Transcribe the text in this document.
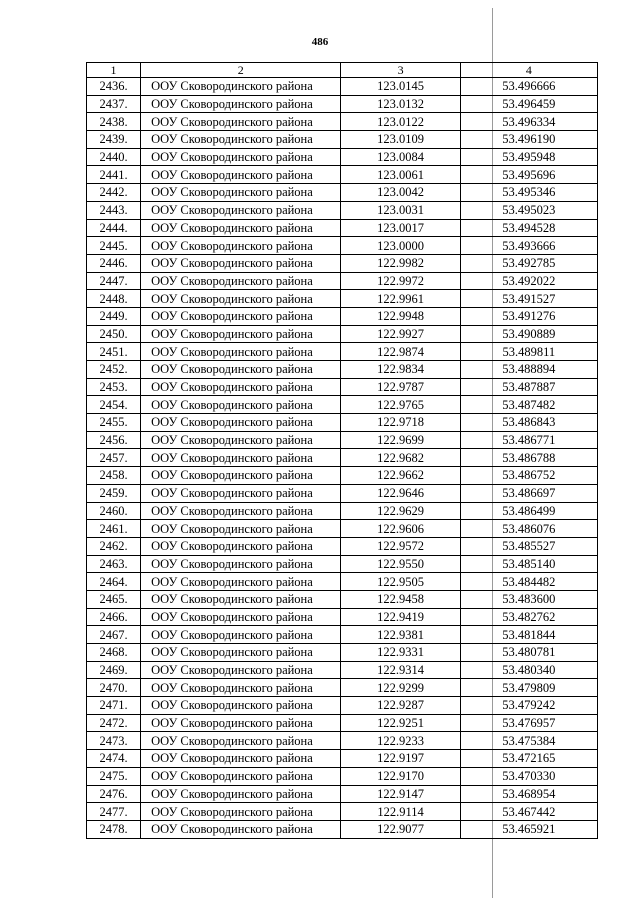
486
1	2	3	4
2436.	ООУ Сковородинского района	123.0145	53.496666
2437.	ООУ Сковородинского района	123.0132	53.496459
2438.	ООУ Сковородинского района	123.0122	53.496334
2439.	ООУ Сковородинского района	123.0109	53.496190
2440.	ООУ Сковородинского района	123.0084	53.495948
2441.	ООУ Сковородинского района	123.0061	53.495696
2442.	ООУ Сковородинского района	123.0042	53.495346
2443.	ООУ Сковородинского района	123.0031	53.495023
2444.	ООУ Сковородинского района	123.0017	53.494528
2445.	ООУ Сковородинского района	123.0000	53.493666
2446.	ООУ Сковородинского района	122.9982	53.492785
2447.	ООУ Сковородинского района	122.9972	53.492022
2448.	ООУ Сковородинского района	122.9961	53.491527
2449.	ООУ Сковородинского района	122.9948	53.491276
2450.	ООУ Сковородинского района	122.9927	53.490889
2451.	ООУ Сковородинского района	122.9874	53.489811
2452.	ООУ Сковородинского района	122.9834	53.488894
2453.	ООУ Сковородинского района	122.9787	53.487887
2454.	ООУ Сковородинского района	122.9765	53.487482
2455.	ООУ Сковородинского района	122.9718	53.486843
2456.	ООУ Сковородинского района	122.9699	53.486771
2457.	ООУ Сковородинского района	122.9682	53.486788
2458.	ООУ Сковородинского района	122.9662	53.486752
2459.	ООУ Сковородинского района	122.9646	53.486697
2460.	ООУ Сковородинского района	122.9629	53.486499
2461.	ООУ Сковородинского района	122.9606	53.486076
2462.	ООУ Сковородинского района	122.9572	53.485527
2463.	ООУ Сковородинского района	122.9550	53.485140
2464.	ООУ Сковородинского района	122.9505	53.484482
2465.	ООУ Сковородинского района	122.9458	53.483600
2466.	ООУ Сковородинского района	122.9419	53.482762
2467.	ООУ Сковородинского района	122.9381	53.481844
2468.	ООУ Сковородинского района	122.9331	53.480781
2469.	ООУ Сковородинского района	122.9314	53.480340
2470.	ООУ Сковородинского района	122.9299	53.479809
2471.	ООУ Сковородинского района	122.9287	53.479242
2472.	ООУ Сковородинского района	122.9251	53.476957
2473.	ООУ Сковородинского района	122.9233	53.475384
2474.	ООУ Сковородинского района	122.9197	53.472165
2475.	ООУ Сковородинского района	122.9170	53.470330
2476.	ООУ Сковородинского района	122.9147	53.468954
2477.	ООУ Сковородинского района	122.9114	53.467442
2478.	ООУ Сковородинского района	122.9077	53.465921
